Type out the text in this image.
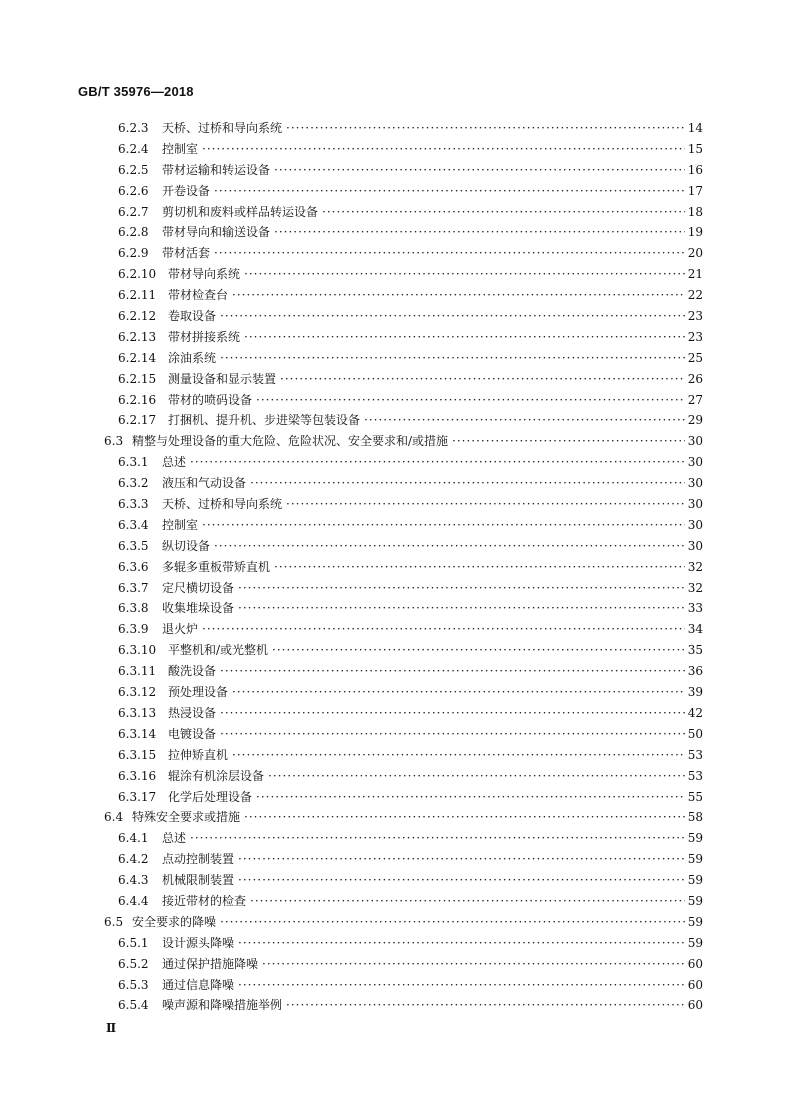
GB/T 35976—2018
6.2.3 天桥、过桥和导向系统 ·····	14
6.2.4 控制室 ·····	15
6.2.5 带材运输和转运设备 ·····	16
6.2.6 开卷设备 ·····	17
6.2.7 剪切机和废料或样品转运设备 ·····	18
6.2.8 带材导向和输送设备 ·····	19
6.2.9 带材活套 ·····	20
6.2.10 带材导向系统 ·····	21
6.2.11 带材检查台 ·····	22
6.2.12 卷取设备 ·····	23
6.2.13 带材拼接系统 ·····	23
6.2.14 涂油系统 ·····	25
6.2.15 测量设备和显示装置 ·····	26
6.2.16 带材的喷码设备 ·····	27
6.2.17 打捆机、提升机、步进梁等包装设备 ·····	29
6.3 精整与处理设备的重大危险、危险状况、安全要求和/或措施 ·····	30
6.3.1 总述 ·····	30
6.3.2 液压和气动设备 ·····	30
6.3.3 天桥、过桥和导向系统 ·····	30
6.3.4 控制室 ·····	30
6.3.5 纵切设备 ·····	30
6.3.6 多辊多重板带矫直机 ·····	32
6.3.7 定尺横切设备 ·····	32
6.3.8 收集堆垛设备 ·····	33
6.3.9 退火炉 ·····	34
6.3.10 平整机和/或光整机 ·····	35
6.3.11 酸洗设备 ·····	36
6.3.12 预处理设备 ·····	39
6.3.13 热浸设备 ·····	42
6.3.14 电镀设备 ·····	50
6.3.15 拉伸矫直机 ·····	53
6.3.16 辊涂有机涂层设备 ·····	53
6.3.17 化学后处理设备 ·····	55
6.4 特殊安全要求或措施 ·····	58
6.4.1 总述 ·····	59
6.4.2 点动控制装置 ·····	59
6.4.3 机械限制装置 ·····	59
6.4.4 接近带材的检查 ·····	59
6.5 安全要求的降噪 ·····	59
6.5.1 设计源头降噪 ·····	59
6.5.2 通过保护措施降噪 ·····	60
6.5.3 通过信息降噪 ·····	60
6.5.4 噪声源和降噪措施举例 ·····	60
Ⅱ
